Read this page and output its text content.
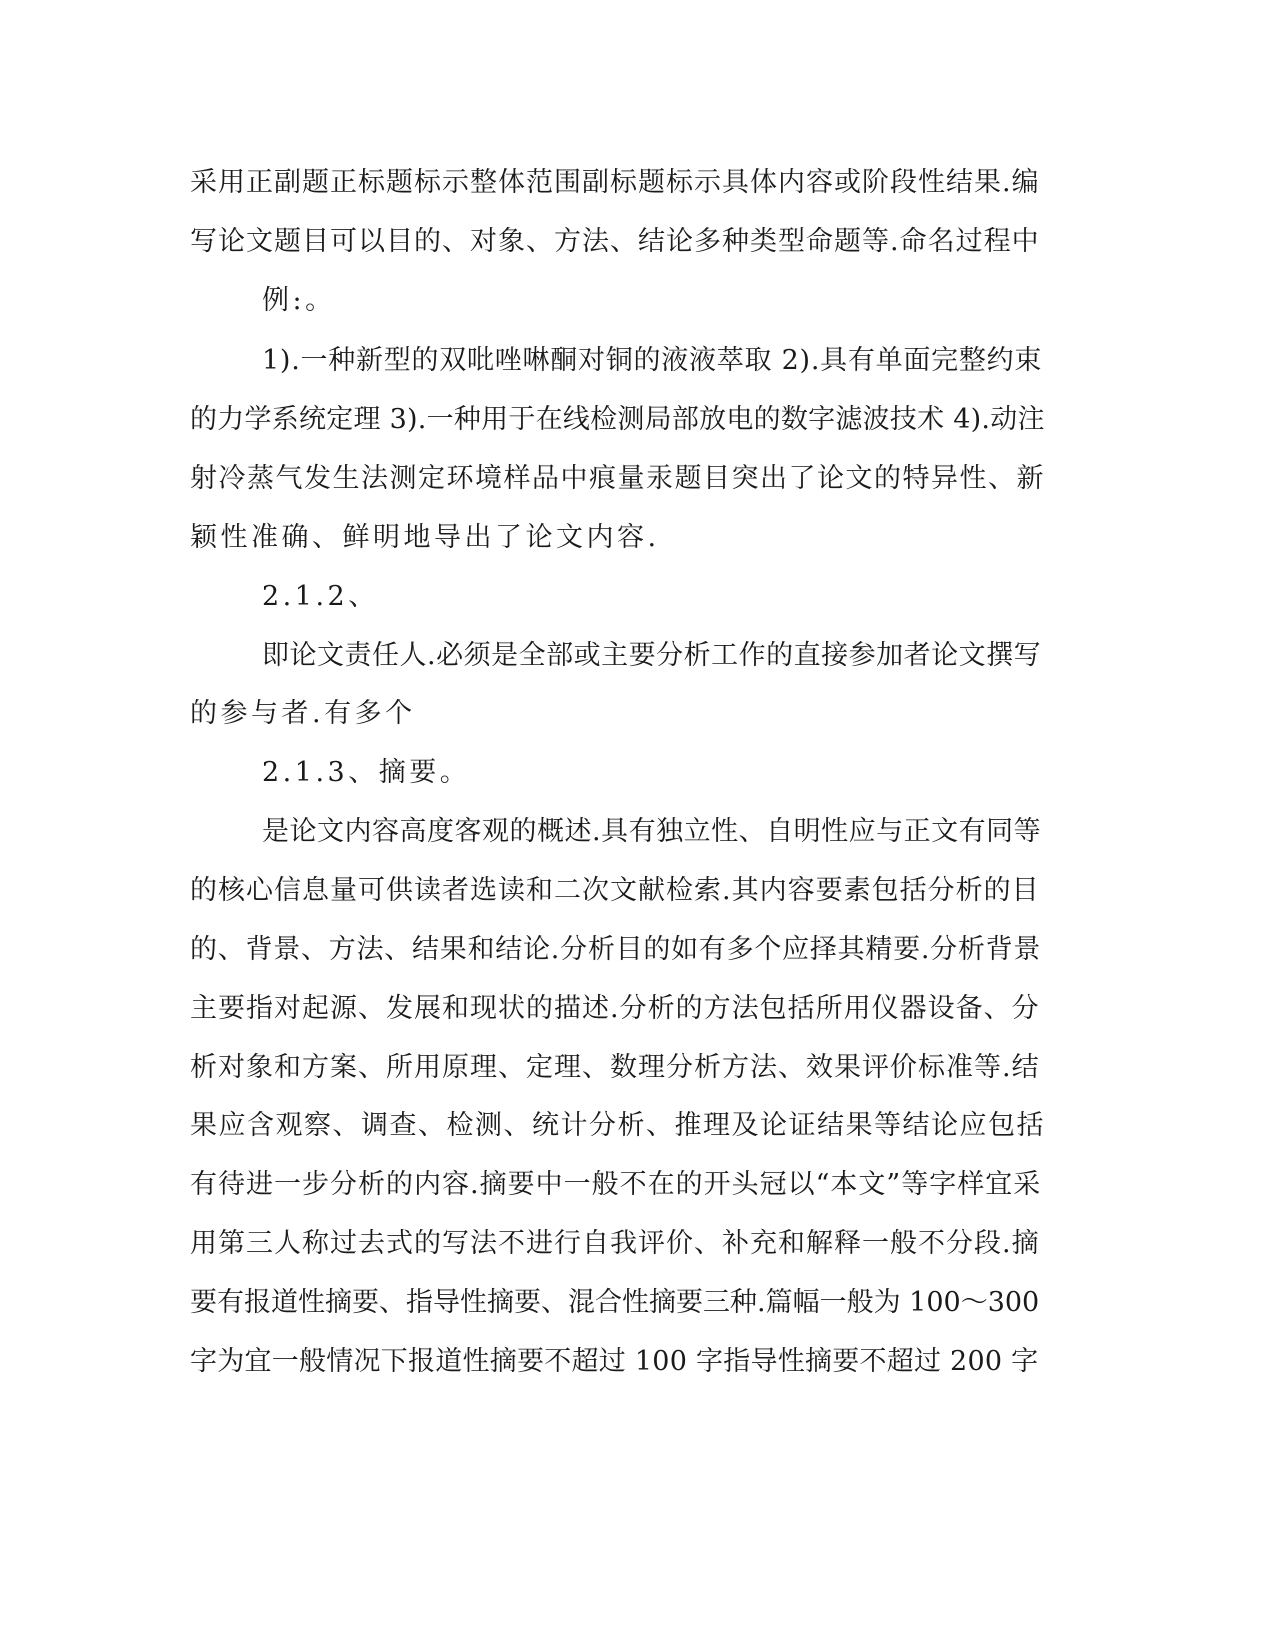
采用正副题正标题标示整体范围副标题标示具体内容或阶段性结果.编
写论文题目可以目的、对象、方法、结论多种类型命题等.命名过程中
例:。
1).一种新型的双吡唑啉酮对铜的液液萃取 2).具有单面完整约束
的力学系统定理 3).一种用于在线检测局部放电的数字滤波技术 4).动注
射冷蒸气发生法测定环境样品中痕量汞题目突出了论文的特异性、新
颖性准确、鲜明地导出了论文内容.
2.1.2、
即论文责任人.必须是全部或主要分析工作的直接参加者论文撰写
的参与者.有多个
2.1.3、摘要。
是论文内容高度客观的概述.具有独立性、自明性应与正文有同等
的核心信息量可供读者选读和二次文献检索.其内容要素包括分析的目
的、背景、方法、结果和结论.分析目的如有多个应择其精要.分析背景
主要指对起源、发展和现状的描述.分析的方法包括所用仪器设备、分
析对象和方案、所用原理、定理、数理分析方法、效果评价标准等.结
果应含观察、调查、检测、统计分析、推理及论证结果等结论应包括
有待进一步分析的内容.摘要中一般不在的开头冠以“本文”等字样宜采
用第三人称过去式的写法不进行自我评价、补充和解释一般不分段.摘
要有报道性摘要、指导性摘要、混合性摘要三种.篇幅一般为 100～300
字为宜一般情况下报道性摘要不超过 100 字指导性摘要不超过 200 字
